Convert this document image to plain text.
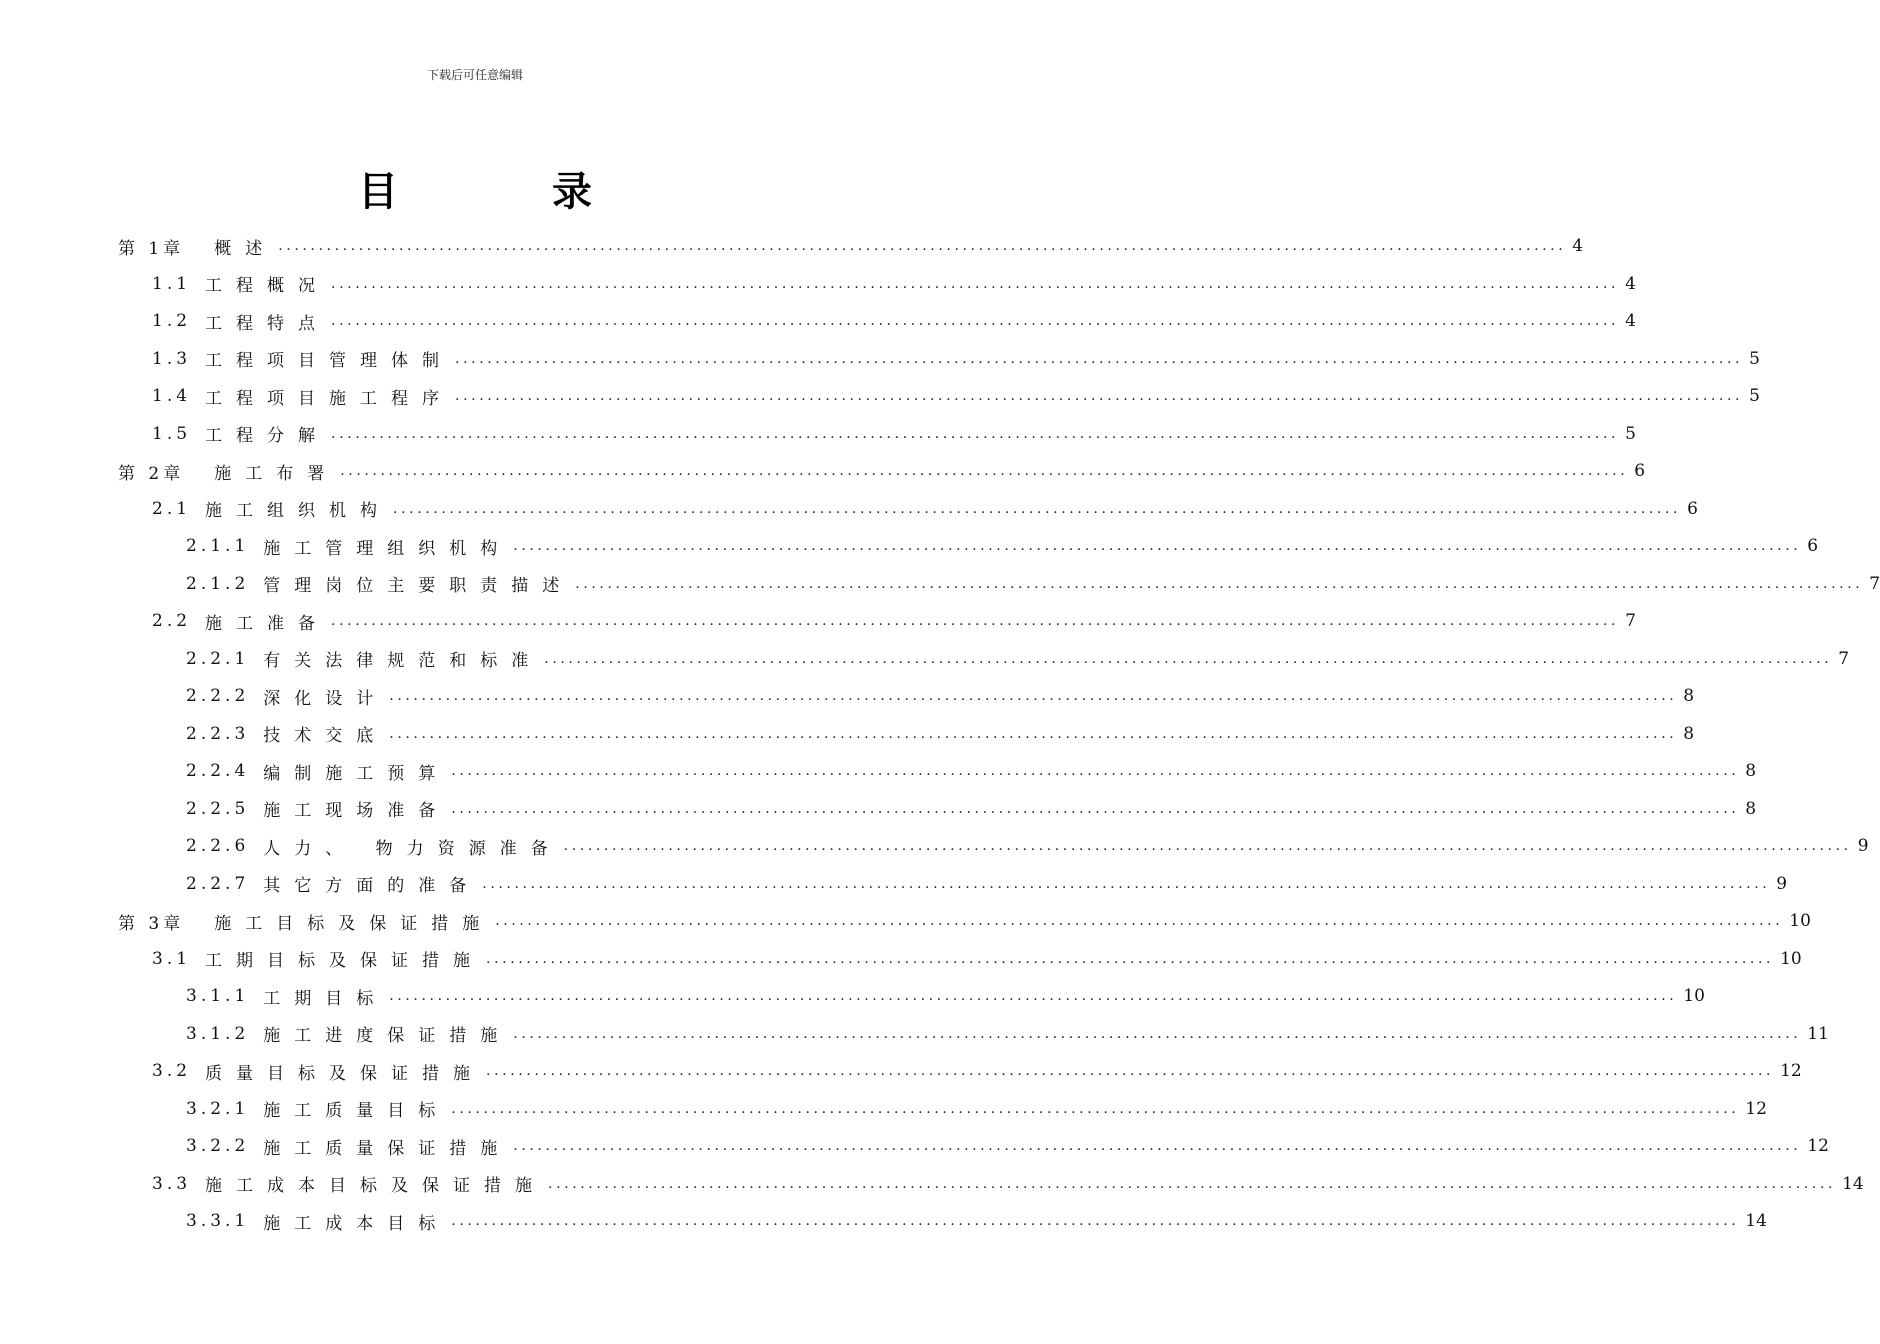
下载后可任意编辑
目 录
第 1章 概述 ................................................................................................................................................................ 4
1.1 工程概况 ................................................................................................................................................................ 4
1.2 工程特点 ................................................................................................................................................................ 4
1.3 工程项目管理体制 ................................................................................................................................................................ 5
1.4 工程项目施工程序 ................................................................................................................................................................ 5
1.5 工程分解 ................................................................................................................................................................ 5
第 2章 施工布署 ................................................................................................................................................................ 6
2.1 施工组织机构 ................................................................................................................................................................ 6
2.1.1 施工管理组织机构 ................................................................................................................................................................ 6
2.1.2 管理岗位主要职责描述 ................................................................................................................................................................ 7
2.2 施工准备 ................................................................................................................................................................ 7
2.2.1 有关法律规范和标准 ................................................................................................................................................................ 7
2.2.2 深化设计 ................................................................................................................................................................ 8
2.2.3 技术交底 ................................................................................................................................................................ 8
2.2.4 编制施工预算 ................................................................................................................................................................ 8
2.2.5 施工现场准备 ................................................................................................................................................................ 8
2.2.6 人力、 物力资源准备 ................................................................................................................................................................ 9
2.2.7 其它方面的准备 ................................................................................................................................................................ 9
第 3章 施工目标及保证措施 ................................................................................................................................................................ 10
3.1 工期目标及保证措施 ................................................................................................................................................................ 10
3.1.1 工期目标 ................................................................................................................................................................ 10
3.1.2 施工进度保证措施 ................................................................................................................................................................ 11
3.2 质量目标及保证措施 ................................................................................................................................................................ 12
3.2.1 施工质量目标 ................................................................................................................................................................ 12
3.2.2 施工质量保证措施 ................................................................................................................................................................ 12
3.3 施工成本目标及保证措施 ................................................................................................................................................................ 14
3.3.1 施工成本目标 ................................................................................................................................................................ 14
